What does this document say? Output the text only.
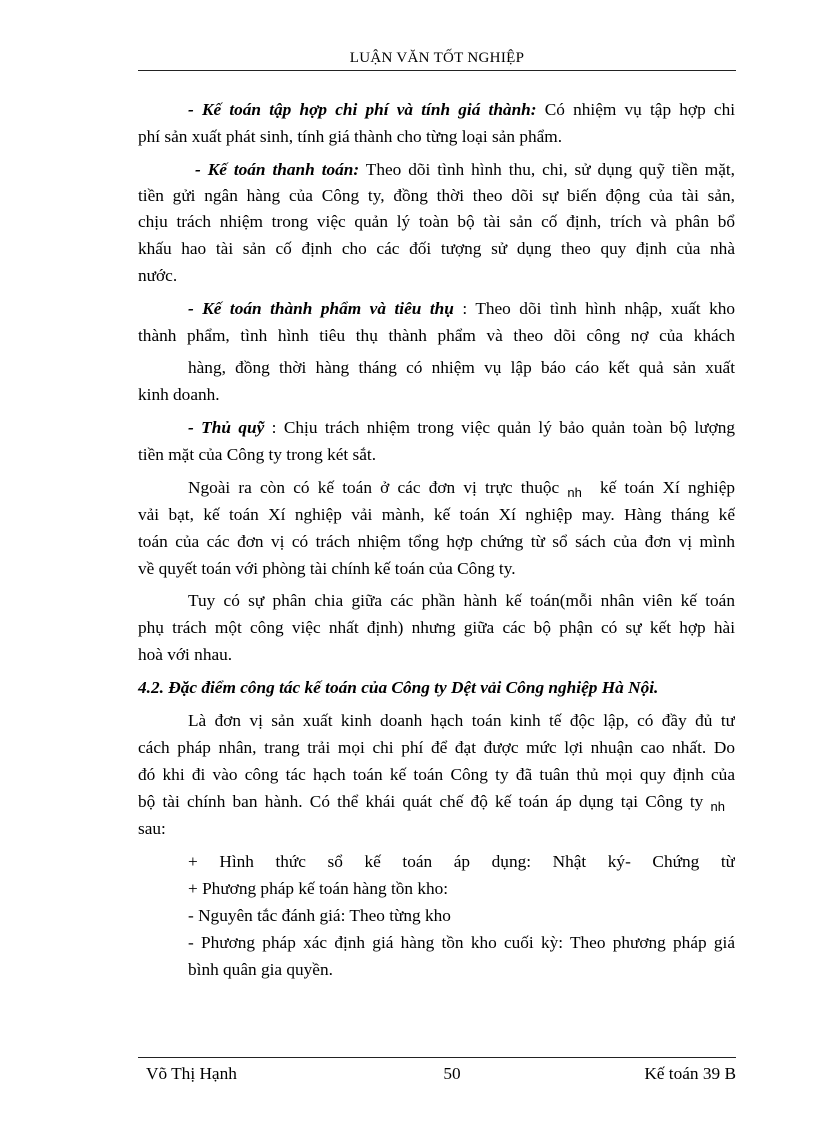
LUẬN VĂN TỐT NGHIỆP
- Kế toán tập hợp chi phí và tính giá thành: Có nhiệm vụ tập hợp chi
phí sản xuất phát sinh, tính giá thành cho từng loại sản phẩm.
- Kế toán thanh toán: Theo dõi tình hình thu, chi, sử dụng quỹ tiền mặt,
tiền gửi ngân hàng của Công ty, đồng thời theo dõi sự biến động của tài sản,
chịu trách nhiệm trong việc quản lý toàn bộ tài sản cố định, trích và phân bổ
khấu hao tài sản cố định cho các đối tượng sử dụng theo quy định của nhà
nước.
- Kế toán thành phẩm và tiêu thụ : Theo dõi tình hình nhập, xuất kho
thành phẩm, tình hình tiêu thụ thành phẩm và theo dõi công nợ của khách
hàng, đồng thời hàng tháng có nhiệm vụ lập báo cáo kết quả sản xuất
kinh doanh.
- Thủ quỹ : Chịu trách nhiệm trong việc quản lý bảo quản toàn bộ lượng
tiền mặt của Công ty trong két sắt.
Ngoài ra còn có kế toán ở các đơn vị trực thuộc $_{nh}$ kế toán Xí nghiệp
vải bạt, kế toán Xí nghiệp vải mành, kế toán Xí nghiệp may. Hàng tháng kế
toán của các đơn vị có trách nhiệm tổng hợp chứng từ sổ sách của đơn vị mình
về quyết toán với phòng tài chính kế toán của Công ty.
Tuy có sự phân chia giữa các phần hành kế toán(mỗi nhân viên kế toán
phụ trách một công việc nhất định) nhưng giữa các bộ phận có sự kết hợp hài
hoà với nhau.
4.2. Đặc điểm công tác kế toán của Công ty Dệt vải Công nghiệp Hà Nội.
Là đơn vị sản xuất kinh doanh hạch toán kinh tế độc lập, có đầy đủ tư
cách pháp nhân, trang trải mọi chi phí để đạt được mức lợi nhuận cao nhất. Do
đó khi đi vào công tác hạch toán kế toán Công ty đã tuân thủ mọi quy định của
bộ tài chính ban hành. Có thể khái quát chế độ kế toán áp dụng tại Công ty $_{nh}$
sau:
+ Hình thức sổ kế toán áp dụng: Nhật ký- Chứng từ
+ Phương pháp kế toán hàng tồn kho:
- Nguyên tắc đánh giá: Theo từng kho
- Phương pháp xác định giá hàng tồn kho cuối kỳ: Theo phương pháp giá
bình quân gia quyền.
Võ Thị Hạnh	50	Kế toán 39 B
